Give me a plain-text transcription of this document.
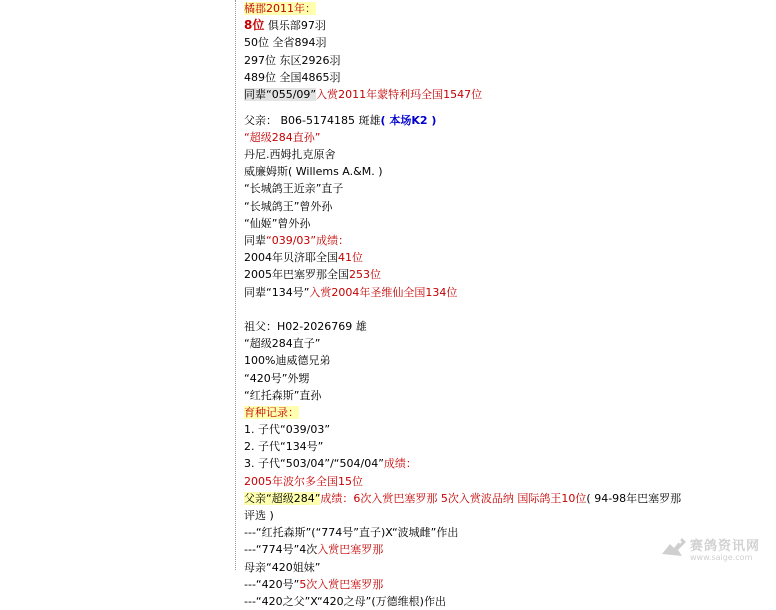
橘郡2011年：
8位 俱乐部97羽
50位 全省894羽
297位 东区2926羽
489位 全国4865羽
同辈“055/09”入赏2011年蒙特利玛全国1547位
父亲： B06-5174185 斑雄( 本场K2 )
“超级284直孙”
丹尼.西姆扎克原舍
威廉姆斯( Willems A.&M. )
“长城鸽王近亲”直子
“长城鸽王”曾外孙
“仙姬”曾外孙
同辈“039/03”成绩：
2004年贝济耶全国41位
2005年巴塞罗那全国253位
同辈“134号”入赏2004年圣维仙全国134位
祖父：H02-2026769 雄
“超级284直子”
100%迪威德兄弟
“420号”外甥
“红托森斯”直孙
育种记录：
1. 子代“039/03”
2. 子代“134号”
3. 子代“503/04”/“504/04”成绩：
2005年波尔多全国15位
父亲“超级284”成绩：6次入赏巴塞罗那 5次入赏波品纳 国际鸽王10位( 94-98年巴塞罗那
评选 )
---“红托森斯”(“774号”直子)X“波城雌”作出
---“774号”4次入赏巴塞罗那
母亲“420姐妹”
---“420号”5次入赏巴塞罗那
---“420之父”X“420之母”(万德维根)作出
赛鸽资讯网
www.saige.com
